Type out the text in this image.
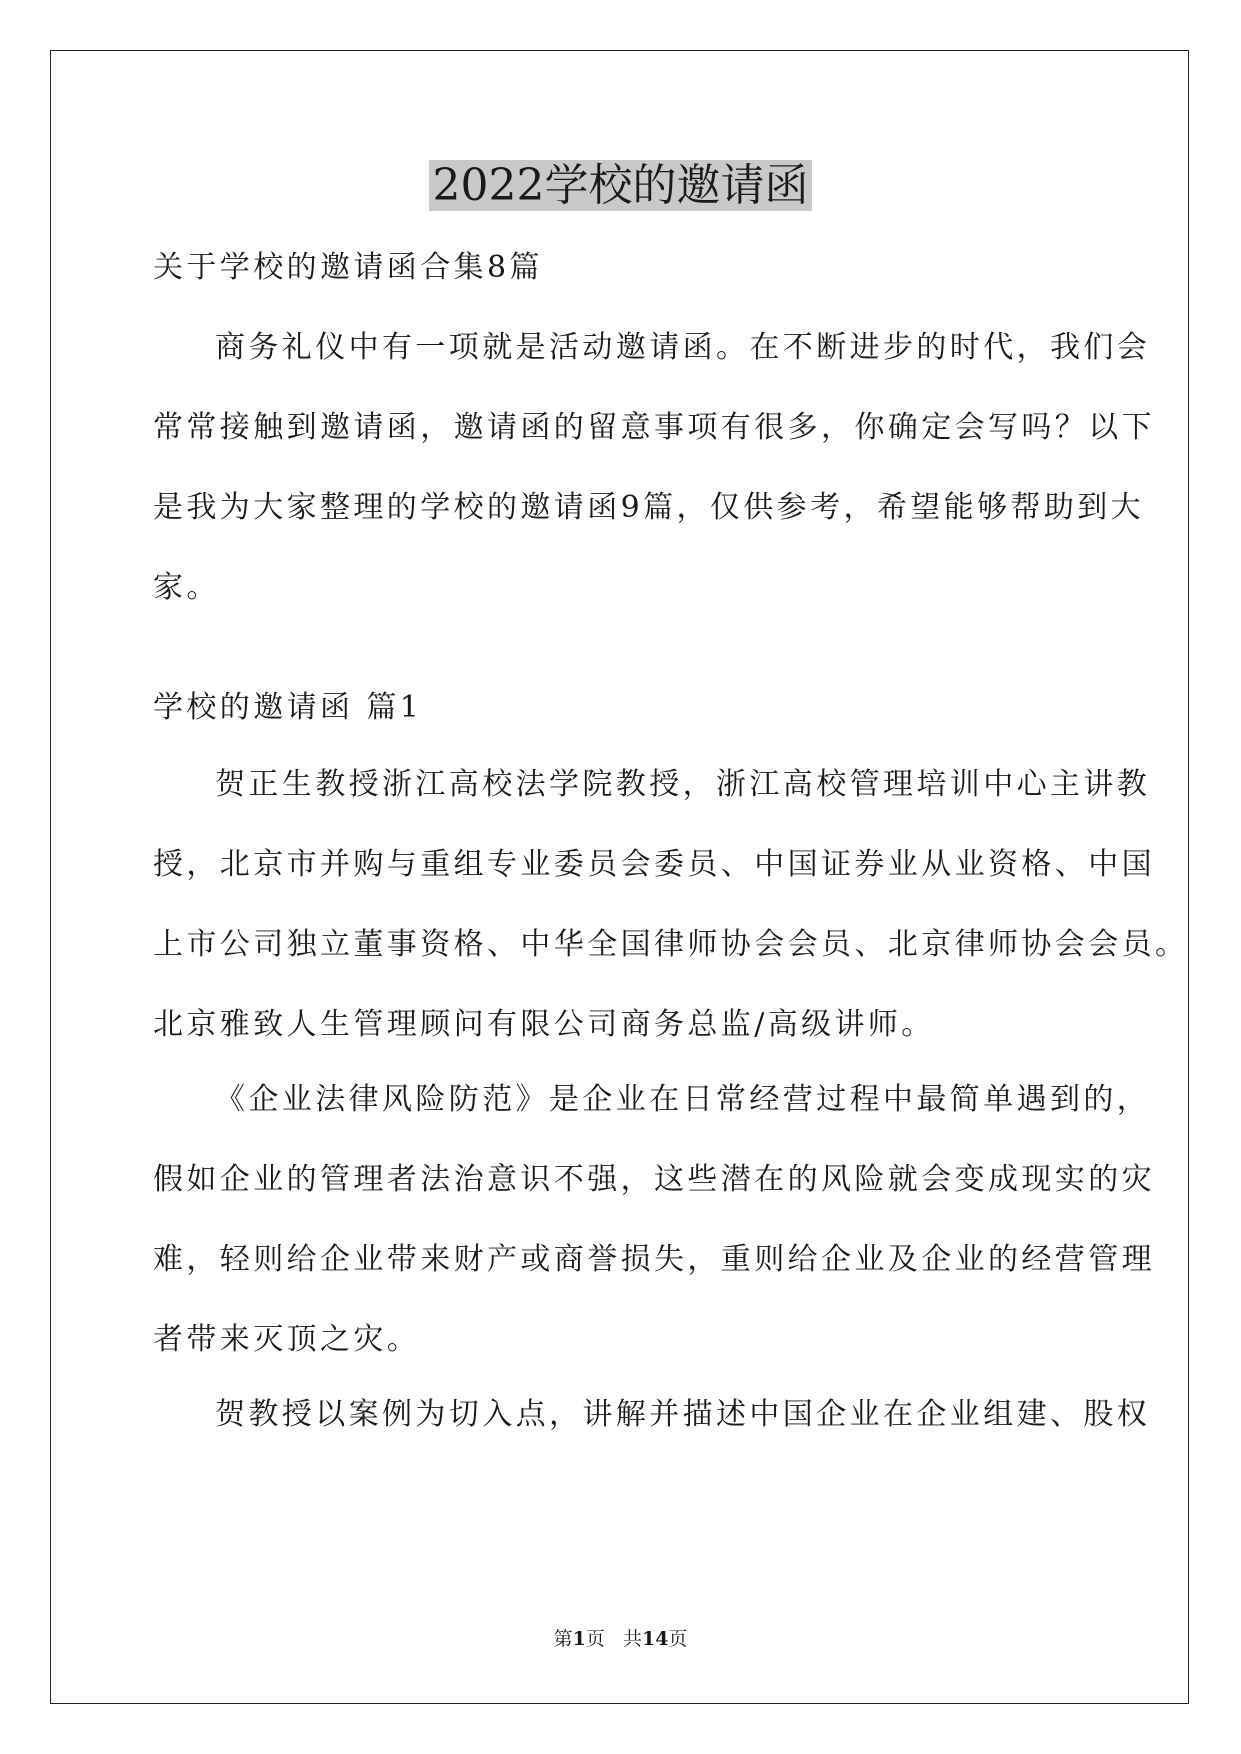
2022学校的邀请函
关于学校的邀请函合集8篇
商务礼仪中有一项就是活动邀请函。在不断进步的时代，我们会
常常接触到邀请函，邀请函的留意事项有很多，你确定会写吗？以下
是我为大家整理的学校的邀请函9篇，仅供参考，希望能够帮助到大
家。
学校的邀请函 篇1
贺正生教授浙江高校法学院教授，浙江高校管理培训中心主讲教
授，北京市并购与重组专业委员会委员、中国证券业从业资格、中国
上市公司独立董事资格、中华全国律师协会会员、北京律师协会会员。
北京雅致人生管理顾问有限公司商务总监/高级讲师。
《企业法律风险防范》是企业在日常经营过程中最简单遇到的，
假如企业的管理者法治意识不强，这些潜在的风险就会变成现实的灾
难，轻则给企业带来财产或商誉损失，重则给企业及企业的经营管理
者带来灭顶之灾。
贺教授以案例为切入点，讲解并描述中国企业在企业组建、股权
第1页 共14页
